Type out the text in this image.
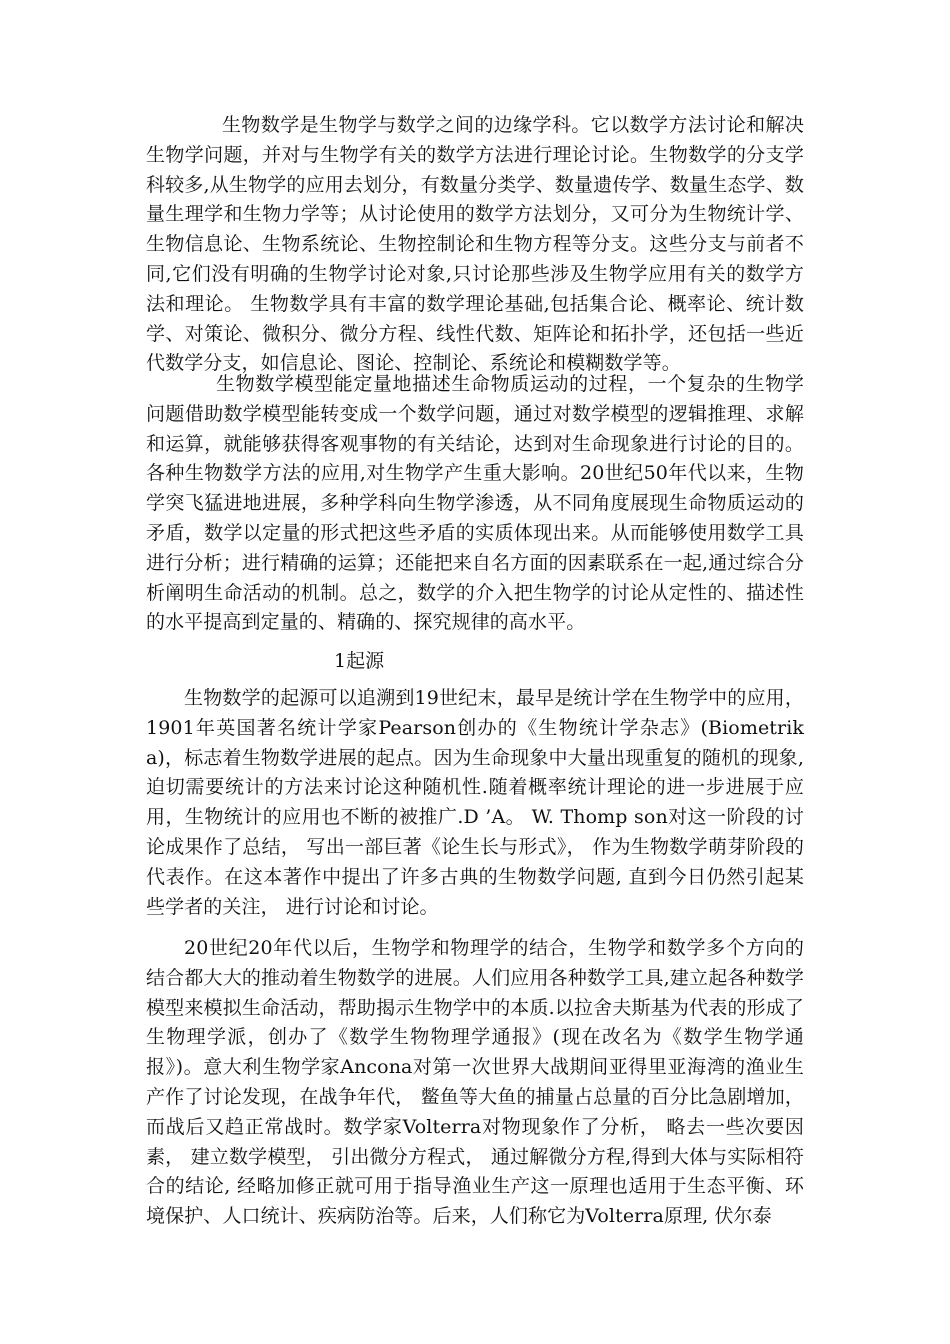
生物数学是生物学与数学之间的边缘学科。它以数学方法讨论和解决生物学问题，并对与生物学有关的数学方法进行理论讨论。生物数学的分支学科较多,从生物学的应用去划分，有数量分类学、数量遗传学、数量生态学、数量生理学和生物力学等；从讨论使用的数学方法划分，又可分为生物统计学、生物信息论、生物系统论、生物控制论和生物方程等分支。这些分支与前者不同,它们没有明确的生物学讨论对象,只讨论那些涉及生物学应用有关的数学方法和理论。 生物数学具有丰富的数学理论基础,包括集合论、概率论、统计数学、对策论、微积分、微分方程、线性代数、矩阵论和拓扑学，还包括一些近代数学分支，如信息论、图论、控制论、系统论和模糊数学等。

生物数学模型能定量地描述生命物质运动的过程，一个复杂的生物学问题借助数学模型能转变成一个数学问题，通过对数学模型的逻辑推理、求解和运算，就能够获得客观事物的有关结论，达到对生命现象进行讨论的目的。各种生物数学方法的应用,对生物学产生重大影响。20世纪50年代以来，生物学突飞猛进地进展，多种学科向生物学渗透，从不同角度展现生命物质运动的矛盾，数学以定量的形式把这些矛盾的实质体现出来。从而能够使用数学工具进行分析；进行精确的运算；还能把来自名方面的因素联系在一起,通过综合分析阐明生命活动的机制。总之，数学的介入把生物学的讨论从定性的、描述性的水平提高到定量的、精确的、探究规律的高水平。

1起源

生物数学的起源可以追溯到19世纪末，最早是统计学在生物学中的应用，1901年英国著名统计学家Pearson创办的《生物统计学杂志》(Biometrika)，标志着生物数学进展的起点。因为生命现象中大量出现重复的随机的现象,迫切需要统计的方法来讨论这种随机性.随着概率统计理论的进一步进展于应用，生物统计的应用也不断的被推广.D ’A。 W. Thomp son对这一阶段的讨论成果作了总结， 写出一部巨著《论生长与形式》， 作为生物数学萌芽阶段的代表作。在这本著作中提出了许多古典的生物数学问题, 直到今日仍然引起某些学者的关注， 进行讨论和讨论。

20世纪20年代以后，生物学和物理学的结合，生物学和数学多个方向的结合都大大的推动着生物数学的进展。人们应用各种数学工具,建立起各种数学模型来模拟生命活动，帮助揭示生物学中的本质.以拉舍夫斯基为代表的形成了生物理学派，创办了《数学生物物理学通报》(现在改名为《数学生物学通报》)。意大利生物学家Ancona对第一次世界大战期间亚得里亚海湾的渔业生产作了讨论发现，在战争年代， 鳖鱼等大鱼的捕量占总量的百分比急剧增加，而战后又趋正常战时。数学家Volterra对物现象作了分析， 略去一些次要因素， 建立数学模型， 引出微分方程式， 通过解微分方程,得到大体与实际相符合的结论, 经略加修正就可用于指导渔业生产这一原理也适用于生态平衡、环境保护、人口统计、疾病防治等。后来，人们称它为Volterra原理, 伏尔泰
